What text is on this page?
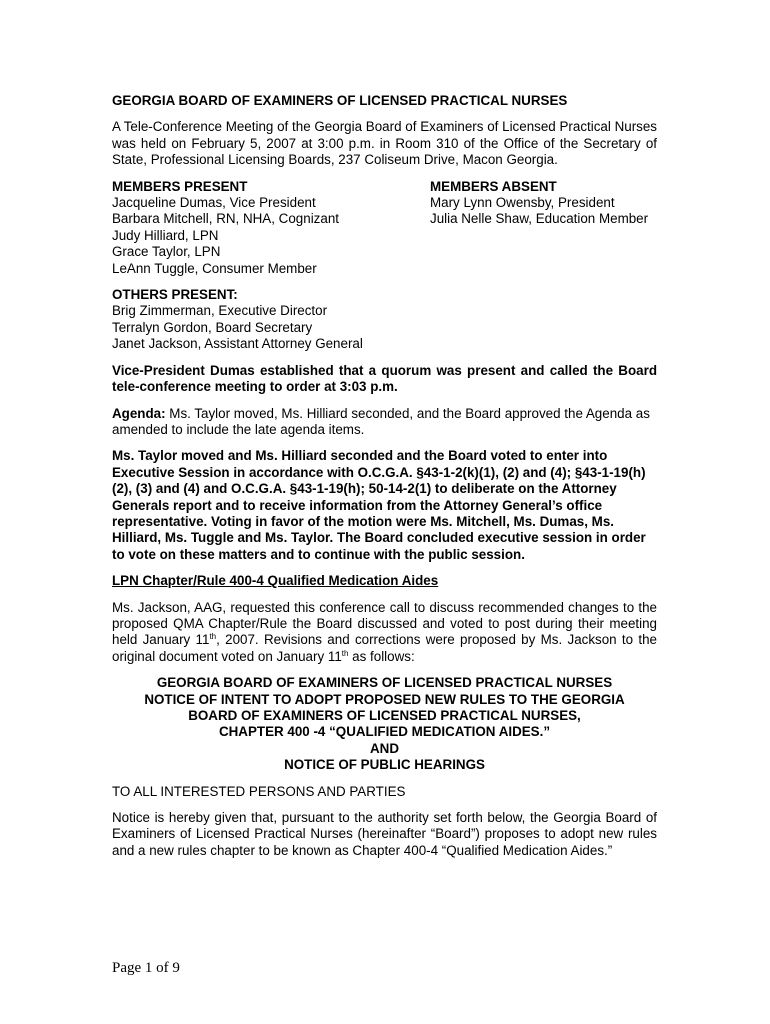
GEORGIA BOARD OF EXAMINERS OF LICENSED PRACTICAL NURSES

A Tele-Conference Meeting of the Georgia Board of Examiners of Licensed Practical Nurses was held on February 5, 2007 at 3:00 p.m. in Room 310 of the Office of the Secretary of State, Professional Licensing Boards, 237 Coliseum Drive, Macon Georgia.

MEMBERS PRESENT

Jacqueline Dumas, Vice President

Barbara Mitchell, RN, NHA, Cognizant

Judy Hilliard, LPN

Grace Taylor, LPN

LeAnn Tuggle, Consumer Member

MEMBERS ABSENT

Mary Lynn Owensby, President

Julia Nelle Shaw, Education Member

OTHERS PRESENT:

Brig Zimmerman, Executive Director

Terralyn Gordon, Board Secretary

Janet Jackson, Assistant Attorney General

Vice-President Dumas established that a quorum was present and called the Board tele-conference meeting to order at 3:03 p.m.

Agenda: Ms. Taylor moved, Ms. Hilliard seconded, and the Board approved the Agenda as amended to include the late agenda items.

Ms. Taylor moved and Ms. Hilliard seconded and the Board voted to enter into Executive Session in accordance with O.C.G.A. §43-1-2(k)(1), (2) and (4); §43-1-19(h)(2), (3) and (4) and O.C.G.A. §43-1-19(h); 50-14-2(1) to deliberate on the Attorney Generals report and to receive information from the Attorney General’s office representative. Voting in favor of the motion were Ms. Mitchell, Ms. Dumas, Ms. Hilliard, Ms. Tuggle and Ms. Taylor. The Board concluded executive session in order to vote on these matters and to continue with the public session.

LPN Chapter/Rule 400-4 Qualified Medication Aides

Ms. Jackson, AAG, requested this conference call to discuss recommended changes to the proposed QMA Chapter/Rule the Board discussed and voted to post during their meeting held January 11th, 2007. Revisions and corrections were proposed by Ms. Jackson to the original document voted on January 11th as follows:

GEORGIA BOARD OF EXAMINERS OF LICENSED PRACTICAL NURSES

NOTICE OF INTENT TO ADOPT PROPOSED NEW RULES TO THE GEORGIA

BOARD OF EXAMINERS OF LICENSED PRACTICAL NURSES,

CHAPTER 400 -4 “QUALIFIED MEDICATION AIDES.”

AND

NOTICE OF PUBLIC HEARINGS

TO ALL INTERESTED PERSONS AND PARTIES

Notice is hereby given that, pursuant to the authority set forth below, the Georgia Board of Examiners of Licensed Practical Nurses (hereinafter “Board”) proposes to adopt new rules and a new rules chapter to be known as Chapter 400-4 “Qualified Medication Aides.”

Page 1 of 9
